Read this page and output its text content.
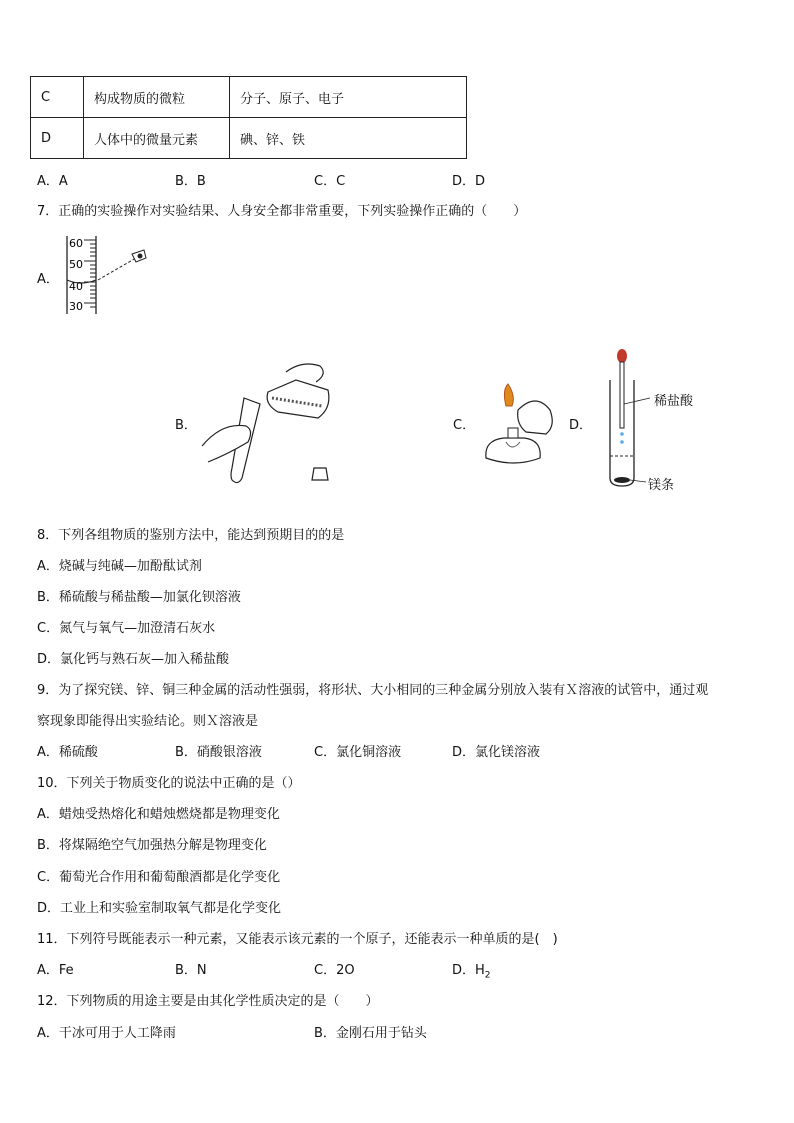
C	构成物质的微粒	分子、原子、电子
D	人体中的微量元素	碘、锌、铁
A．A	B．B	C．C	D．D
7．正确的实验操作对实验结果、人身安全都非常重要，下列实验操作正确的（　　）
A．
60
50
40
30
B．	C．	D．
稀盐酸
镁条
8．下列各组物质的鉴别方法中，能达到预期目的的是
A．烧碱与纯碱—加酚酞试剂
B．稀硫酸与稀盐酸—加氯化钡溶液
C．氮气与氧气—加澄清石灰水
D．氯化钙与熟石灰—加入稀盐酸
9．为了探究镁、锌、铜三种金属的活动性强弱，将形状、大小相同的三种金属分别放入装有Ｘ溶液的试管中，通过观
察现象即能得出实验结论。则Ｘ溶液是
A．稀硫酸	B．硝酸银溶液	C．氯化铜溶液	D．氯化镁溶液
10．下列关于物质变化的说法中正确的是（）
A．蜡烛受热熔化和蜡烛燃烧都是物理变化
B．将煤隔绝空气加强热分解是物理变化
C．葡萄光合作用和葡萄酿酒都是化学变化
D．工业上和实验室制取氧气都是化学变化
11．下列符号既能表示一种元素，又能表示该元素的一个原子，还能表示一种单质的是(　)
A．Fe	B．N	C．2O	D．$H_2$
12．下列物质的用途主要是由其化学性质决定的是（　　）
A．干冰可用于人工降雨	B．金刚石用于钻头
